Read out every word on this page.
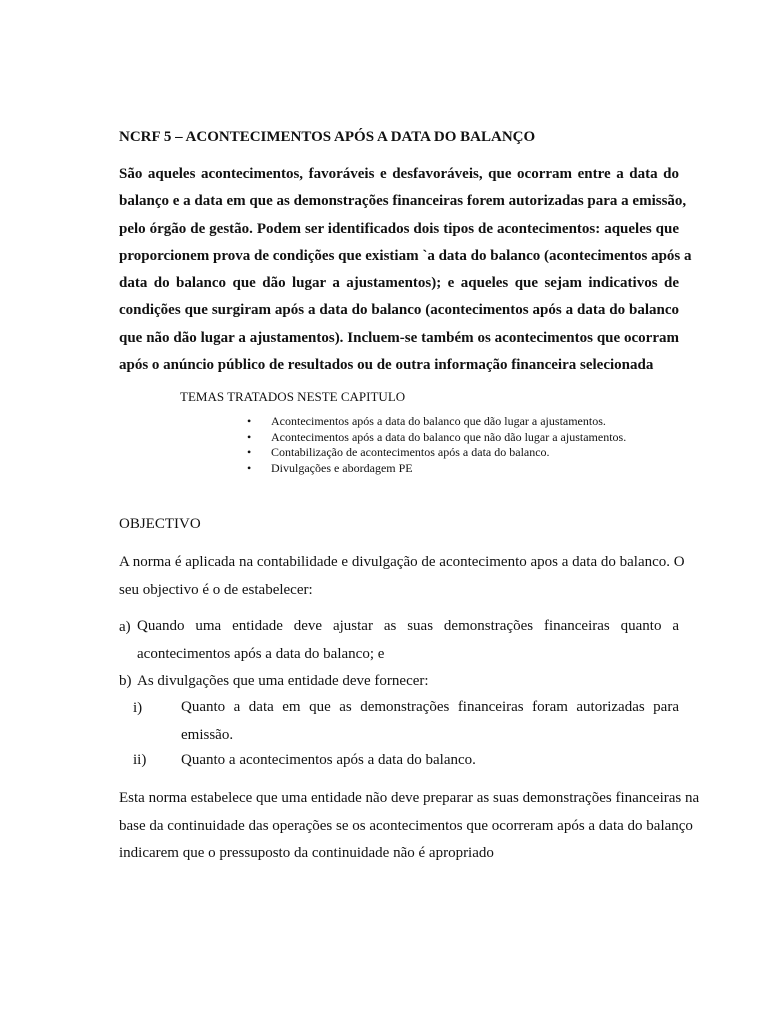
NCRF 5 – ACONTECIMENTOS APÓS A DATA DO BALANÇO

São aqueles acontecimentos, favoráveis e desfavoráveis, que ocorram entre a data do
balanço e a data em que as demonstrações financeiras forem autorizadas para a emissão,
pelo órgão de gestão. Podem ser identificados dois tipos de acontecimentos: aqueles que
proporcionem prova de condições que existiam `a data do balanco (acontecimentos após a
data do balanco que dão lugar a ajustamentos); e aqueles que sejam indicativos de
condições que surgiram após a data do balanco (acontecimentos após a data do balanco
que não dão lugar a ajustamentos). Incluem-se também os acontecimentos que ocorram
após o anúncio público de resultados ou de outra informação financeira selecionada

TEMAS TRATADOS NESTE CAPITULO
• Acontecimentos após a data do balanco que dão lugar a ajustamentos.
• Acontecimentos após a data do balanco que não dão lugar a ajustamentos.
• Contabilização de acontecimentos após a data do balanco.
• Divulgações e abordagem PE
OBJECTIVO

A norma é aplicada na contabilidade e divulgação de acontecimento apos a data do balanco. O
seu objectivo é o de estabelecer:

a) Quando uma entidade deve ajustar as suas demonstrações financeiras quanto a
acontecimentos após a data do balanco; e

b) As divulgações que uma entidade deve fornecer:
i)	Quanto a data em que as demonstrações financeiras foram autorizadas para
emissão.

ii) Quanto a acontecimentos após a data do balanco.

Esta norma estabelece que uma entidade não deve preparar as suas demonstrações financeiras na
base da continuidade das operações se os acontecimentos que ocorreram após a data do balanço
indicarem que o pressuposto da continuidade não é apropriado
